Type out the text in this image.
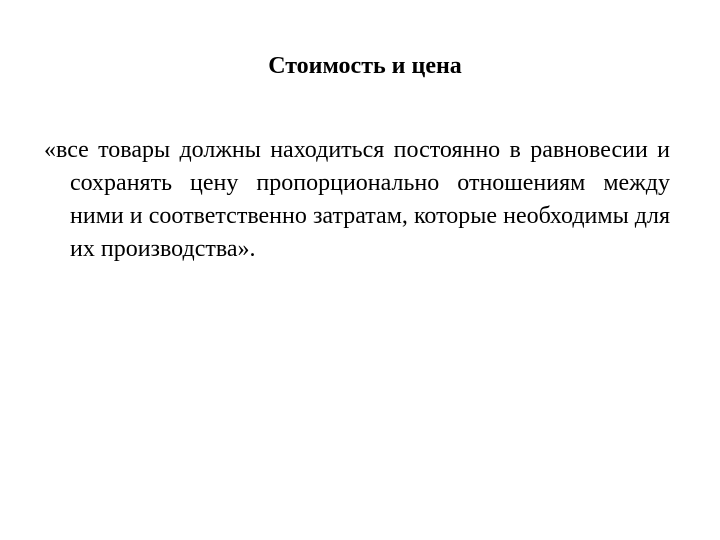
Стоимость и цена

«все товары должны находиться постоянно в равновесии и сохранять цену пропорционально отношениям между ними и соответственно затратам, которые необходимы для их производства».
